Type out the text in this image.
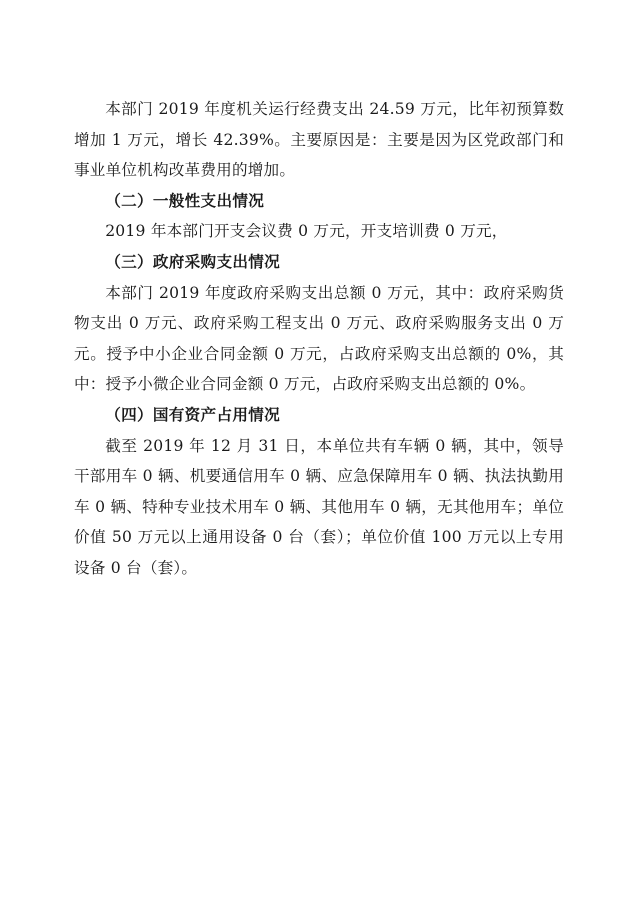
本部门 2019 年度机关运行经费支出 24.59 万元，比年初预算数增加 1 万元，增长 42.39%。主要原因是：主要是因为区党政部门和事业单位机构改革费用的增加。

（二）一般性支出情况

2019 年本部门开支会议费 0 万元，开支培训费 0 万元，

（三）政府采购支出情况

本部门 2019 年度政府采购支出总额 0 万元，其中：政府采购货物支出 0 万元、政府采购工程支出 0 万元、政府采购服务支出 0 万元。授予中小企业合同金额 0 万元，占政府采购支出总额的 0%，其中：授予小微企业合同金额 0 万元，占政府采购支出总额的 0%。

（四）国有资产占用情况

截至 2019 年 12 月 31 日，本单位共有车辆 0 辆，其中，领导干部用车 0 辆、机要通信用车 0 辆、应急保障用车 0 辆、执法执勤用车 0 辆、特种专业技术用车 0 辆、其他用车 0 辆，无其他用车；单位价值 50 万元以上通用设备 0 台（套）；单位价值 100 万元以上专用设备 0 台（套）。
